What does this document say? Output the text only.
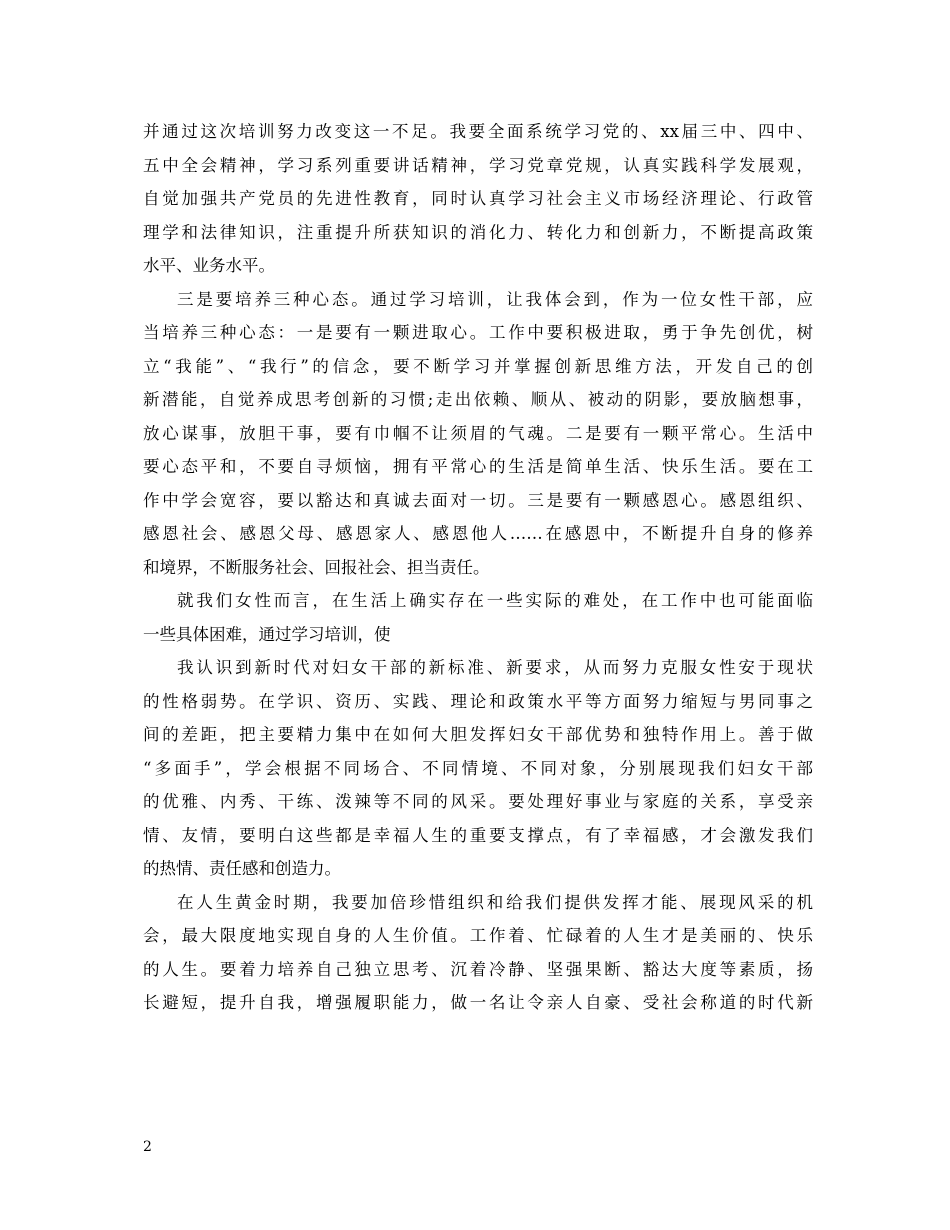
并通过这次培训努力改变这一不足。我要全面系统学习党的、xx届三中、四中、
五中全会精神，学习系列重要讲话精神，学习党章党规，认真实践科学发展观，
自觉加强共产党员的先进性教育，同时认真学习社会主义市场经济理论、行政管
理学和法律知识，注重提升所获知识的消化力、转化力和创新力，不断提高政策
水平、业务水平。
三是要培养三种心态。通过学习培训，让我体会到，作为一位女性干部，应
当培养三种心态：一是要有一颗进取心。工作中要积极进取，勇于争先创优，树
立“我能”、“我行”的信念，要不断学习并掌握创新思维方法，开发自己的创
新潜能，自觉养成思考创新的习惯;走出依赖、顺从、被动的阴影，要放脑想事，
放心谋事，放胆干事，要有巾帼不让须眉的气魂。二是要有一颗平常心。生活中
要心态平和，不要自寻烦恼，拥有平常心的生活是简单生活、快乐生活。要在工
作中学会宽容，要以豁达和真诚去面对一切。三是要有一颗感恩心。感恩组织、
感恩社会、感恩父母、感恩家人、感恩他人……在感恩中，不断提升自身的修养
和境界，不断服务社会、回报社会、担当责任。
就我们女性而言，在生活上确实存在一些实际的难处，在工作中也可能面临
一些具体困难，通过学习培训，使
我认识到新时代对妇女干部的新标准、新要求，从而努力克服女性安于现状
的性格弱势。在学识、资历、实践、理论和政策水平等方面努力缩短与男同事之
间的差距，把主要精力集中在如何大胆发挥妇女干部优势和独特作用上。善于做
“多面手”，学会根据不同场合、不同情境、不同对象，分别展现我们妇女干部
的优雅、内秀、干练、泼辣等不同的风采。要处理好事业与家庭的关系，享受亲
情、友情，要明白这些都是幸福人生的重要支撑点，有了幸福感，才会激发我们
的热情、责任感和创造力。
在人生黄金时期，我要加倍珍惜组织和给我们提供发挥才能、展现风采的机
会，最大限度地实现自身的人生价值。工作着、忙碌着的人生才是美丽的、快乐
的人生。要着力培养自己独立思考、沉着冷静、坚强果断、豁达大度等素质，扬
长避短，提升自我，增强履职能力，做一名让令亲人自豪、受社会称道的时代新
2
